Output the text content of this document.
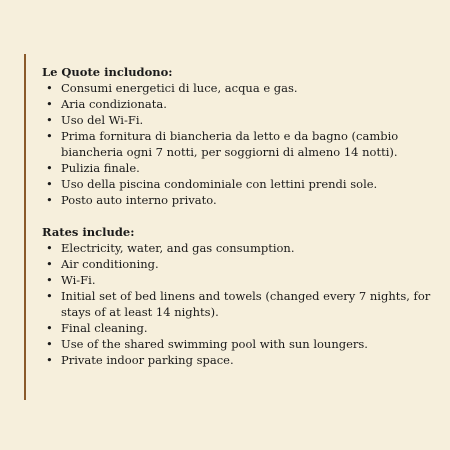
Le Quote includono:

• Consumi energetici di luce, acqua e gas.
• Aria condizionata.
• Uso del Wi-Fi.
• Prima fornitura di biancheria da letto e da bagno (cambio biancheria ogni 7 notti, per soggiorni di almeno 14 notti).
• Pulizia finale.
• Uso della piscina condominiale con lettini prendi sole.
• Posto auto interno privato.

Rates include:

• Electricity, water, and gas consumption.
• Air conditioning.
• Wi-Fi.
• Initial set of bed linens and towels (changed every 7 nights, for stays of at least 14 nights).
• Final cleaning.
• Use of the shared swimming pool with sun loungers.
• Private indoor parking space.
